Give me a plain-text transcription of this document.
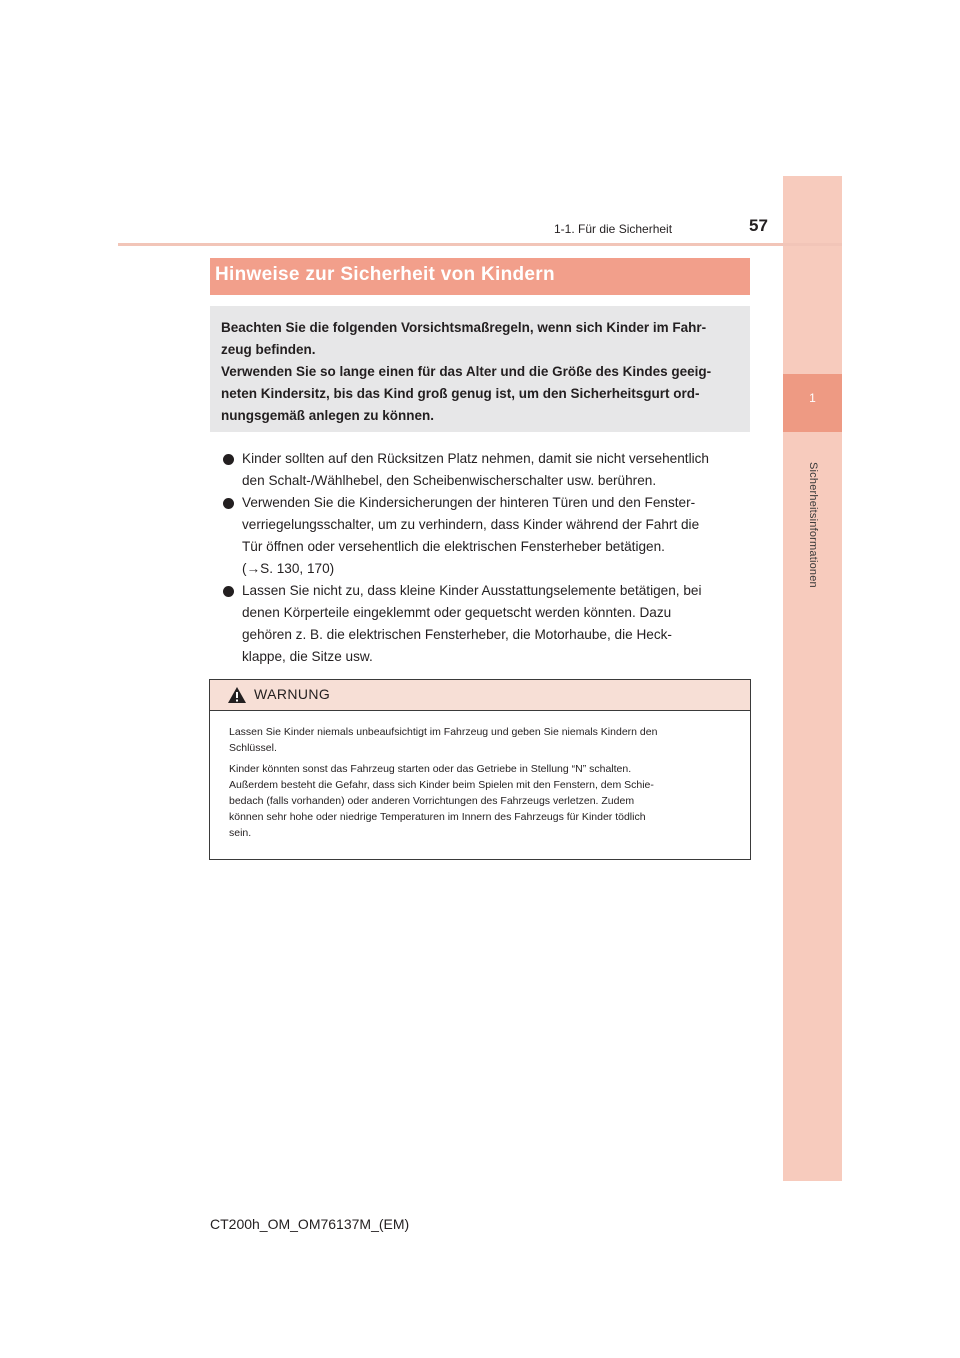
1
Sicherheitsinformationen
1-1. Für die Sicherheit	57
Hinweise zur Sicherheit von Kindern

Beachten Sie die folgenden Vorsichtsmaßregeln, wenn sich Kinder im Fahr-

zeug befinden.

Verwenden Sie so lange einen für das Alter und die Größe des Kindes geeig-

neten Kindersitz, bis das Kind groß genug ist, um den Sicherheitsgurt ord-

nungsgemäß anlegen zu können.

Kinder sollten auf den Rücksitzen Platz nehmen, damit sie nicht versehentlich
den Schalt-/Wählhebel, den Scheibenwischerschalter usw. berühren.
Verwenden Sie die Kindersicherungen der hinteren Türen und den Fenster-
verriegelungsschalter, um zu verhindern, dass Kinder während der Fahrt die
Tür öffnen oder versehentlich die elektrischen Fensterheber betätigen.
(→S. 130, 170)
Lassen Sie nicht zu, dass kleine Kinder Ausstattungselemente betätigen, bei
denen Körperteile eingeklemmt oder gequetscht werden könnten. Dazu
gehören z. B. die elektrischen Fensterheber, die Motorhaube, die Heck-
klappe, die Sitze usw.
WARNUNG

Lassen Sie Kinder niemals unbeaufsichtigt im Fahrzeug und geben Sie niemals Kindern den

Schlüssel.

Kinder könnten sonst das Fahrzeug starten oder das Getriebe in Stellung “N” schalten.

Außerdem besteht die Gefahr, dass sich Kinder beim Spielen mit den Fenstern, dem Schie-

bedach (falls vorhanden) oder anderen Vorrichtungen des Fahrzeugs verletzen. Zudem

können sehr hohe oder niedrige Temperaturen im Innern des Fahrzeugs für Kinder tödlich

sein.

CT200h_OM_OM76137M_(EM)
